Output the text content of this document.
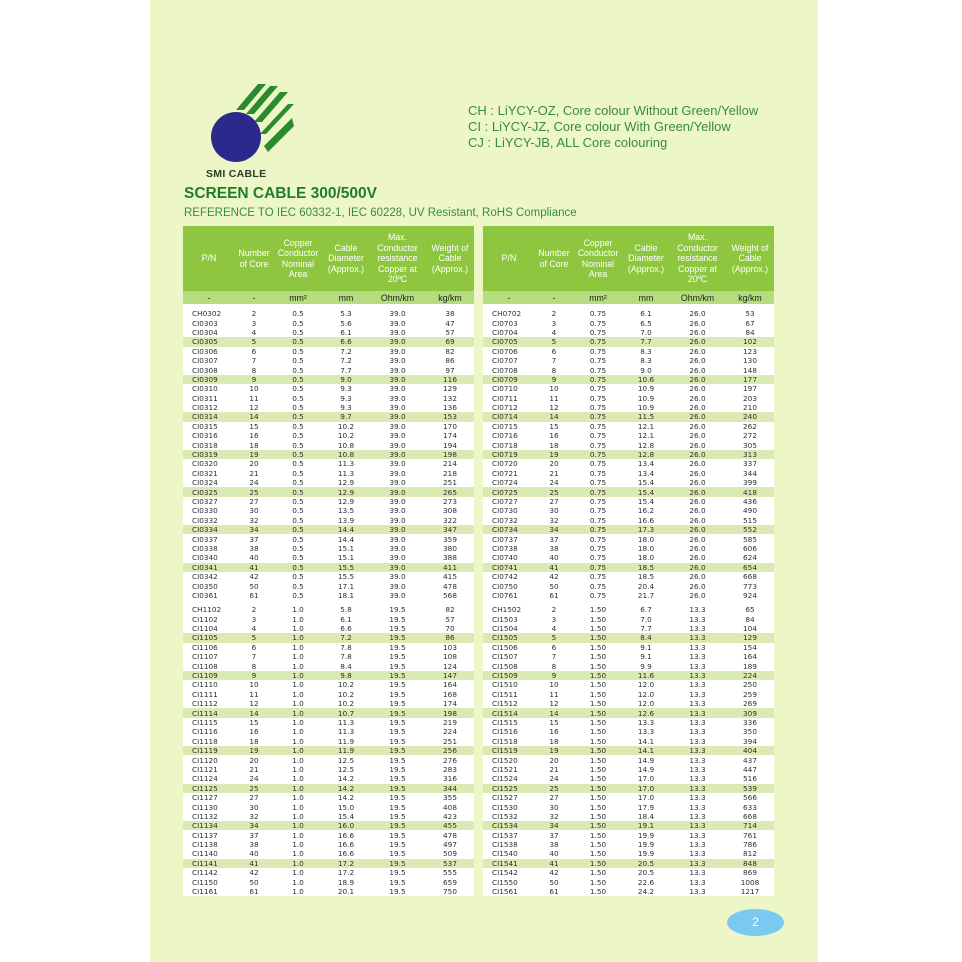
SMI CABLE
CH : LiYCY-OZ, Core colour Without Green/Yellow
CI : LiYCY-JZ, Core colour With Green/Yellow
CJ : LiYCY-JB, ALL Core colouring
SCREEN CABLE 300/500V
REFERENCE TO IEC 60332-1, IEC 60228, UV Resistant, RoHS Compliance
P/N	Number of Core	Copper Conductor Nominal Area	Cable Diameter (Approx.)	Max. Conductor resistance Copper at 20ºC	Weight of Cable (Approx.)
-	-	mm²	mm	Ohm/km	kg/km

CH0302	2	0.5	5.3	39.0	38
CI0303	3	0.5	5.6	39.0	47
CI0304	4	0.5	6.1	39.0	57
CI0305	5	0.5	6.6	39.0	69
CI0306	6	0.5	7.2	39.0	82
CI0307	7	0.5	7.2	39.0	86
CI0308	8	0.5	7.7	39.0	97
CI0309	9	0.5	9.0	39.0	116
CI0310	10	0.5	9.3	39.0	129
CI0311	11	0.5	9.3	39.0	132
CI0312	12	0.5	9.3	39.0	136
CI0314	14	0.5	9.7	39.0	153
CI0315	15	0.5	10.2	39.0	170
CI0316	16	0.5	10.2	39.0	174
CI0318	18	0.5	10.8	39.0	194
CI0319	19	0.5	10.8	39.0	198
CI0320	20	0.5	11.3	39.0	214
CI0321	21	0.5	11.3	39.0	218
CI0324	24	0.5	12.9	39.0	251
CI0325	25	0.5	12.9	39.0	265
CI0327	27	0.5	12.9	39.0	273
CI0330	30	0.5	13.5	39.0	308
CI0332	32	0.5	13.9	39.0	322
CI0334	34	0.5	14.4	39.0	347
CI0337	37	0.5	14.4	39.0	359
CI0338	38	0.5	15.1	39.0	380
CI0340	40	0.5	15.1	39.0	388
CI0341	41	0.5	15.5	39.0	411
CI0342	42	0.5	15.5	39.0	415
CI0350	50	0.5	17.1	39.0	478
CI0361	61	0.5	18.1	39.0	568
CH1102	2	1.0	5.8	19.5	82
CI1102	3	1.0	6.1	19.5	57
CI1104	4	1.0	6.6	19.5	70
CI1105	5	1.0	7.2	19.5	86
CI1106	6	1.0	7.8	19.5	103
CI1107	7	1.0	7.8	19.5	108
CI1108	8	1.0	8.4	19.5	124
CI1109	9	1.0	9.8	19.5	147
CI1110	10	1.0	10.2	19.5	164
CI1111	11	1.0	10.2	19.5	168
CI1112	12	1.0	10.2	19.5	174
CI1114	14	1.0	10.7	19.5	198
CI1115	15	1.0	11.3	19.5	219
CI1116	16	1.0	11.3	19.5	224
CI1118	18	1.0	11.9	19.5	251
CI1119	19	1.0	11.9	19.5	256
CI1120	20	1.0	12.5	19.5	276
CI1121	21	1.0	12.5	19.5	283
CI1124	24	1.0	14.2	19.5	316
CI1125	25	1.0	14.2	19.5	344
CI1127	27	1.0	14.2	19.5	355
CI1130	30	1.0	15.0	19.5	408
CI1132	32	1.0	15.4	19.5	423
CI1134	34	1.0	16.0	19.5	455
CI1137	37	1.0	16.6	19.5	478
CI1138	38	1.0	16.6	19.5	497
CI1140	40	1.0	16.6	19.5	509
CI1141	41	1.0	17.2	19.5	537
CI1142	42	1.0	17.2	19.5	555
CI1150	50	1.0	18.9	19.5	659
CI1161	61	1.0	20.1	19.5	750
P/N	Number of Core	Copper Conductor Nominal Area	Cable Diameter (Approx.)	Max. Conductor resistance Copper at 20ºC	Weight of Cable (Approx.)
-	-	mm²	mm	Ohm/km	kg/km

CH0702	2	0.75	6.1	26.0	53
CI0703	3	0.75	6.5	26.0	67
CI0704	4	0.75	7.0	26.0	84
CI0705	5	0.75	7.7	26.0	102
CI0706	6	0.75	8.3	26.0	123
CI0707	7	0.75	8.3	26.0	130
CI0708	8	0.75	9.0	26.0	148
CI0709	9	0.75	10.6	26.0	177
CI0710	10	0.75	10.9	26.0	197
CI0711	11	0.75	10.9	26.0	203
CI0712	12	0.75	10.9	26.0	210
CI0714	14	0.75	11.5	26.0	240
CI0715	15	0.75	12.1	26.0	262
CI0716	16	0.75	12.1	26.0	272
CI0718	18	0.75	12.8	26.0	305
CI0719	19	0.75	12.8	26.0	313
CI0720	20	0.75	13.4	26.0	337
CI0721	21	0.75	13.4	26.0	344
CI0724	24	0.75	15.4	26.0	399
CI0725	25	0.75	15.4	26.0	418
CI0727	27	0.75	15.4	26.0	436
CI0730	30	0.75	16.2	26.0	490
CI0732	32	0.75	16.6	26.0	515
CI0734	34	0.75	17.3	26.0	552
CI0737	37	0.75	18.0	26.0	585
CI0738	38	0.75	18.0	26.0	606
CI0740	40	0.75	18.0	26.0	624
CI0741	41	0.75	18.5	26.0	654
CI0742	42	0.75	18.5	26.0	668
CI0750	50	0.75	20.4	26.0	773
CI0761	61	0.75	21.7	26.0	924
CH1502	2	1.50	6.7	13.3	65
CI1503	3	1.50	7.0	13.3	84
CI1504	4	1.50	7.7	13.3	104
CI1505	5	1.50	8.4	13.3	129
CI1506	6	1.50	9.1	13.3	154
CI1507	7	1.50	9.1	13.3	164
CI1508	8	1.50	9.9	13.3	189
CI1509	9	1.50	11.6	13.3	224
CI1510	10	1.50	12.0	13.3	250
CI1511	11	1.50	12.0	13.3	259
CI1512	12	1.50	12.0	13.3	269
CI1514	14	1.50	12.6	13.3	309
CI1515	15	1.50	13.3	13.3	336
CI1516	16	1.50	13.3	13.3	350
CI1518	18	1.50	14.1	13.3	394
CI1519	19	1.50	14.1	13.3	404
CI1520	20	1.50	14.9	13.3	437
CI1521	21	1.50	14.9	13.3	447
CI1524	24	1.50	17.0	13.3	516
CI1525	25	1.50	17.0	13.3	539
CI1527	27	1.50	17.0	13.3	566
CI1530	30	1.50	17.9	13.3	633
CI1532	32	1.50	18.4	13.3	668
CI1534	34	1.50	19.1	13.3	714
CI1537	37	1.50	19.9	13.3	761
CI1538	38	1.50	19.9	13.3	786
CI1540	40	1.50	19.9	13.3	812
CI1541	41	1.50	20.5	13.3	848
CI1542	42	1.50	20.5	13.3	869
CI1550	50	1.50	22.6	13.3	1008
CI1561	61	1.50	24.2	13.3	1217
2
